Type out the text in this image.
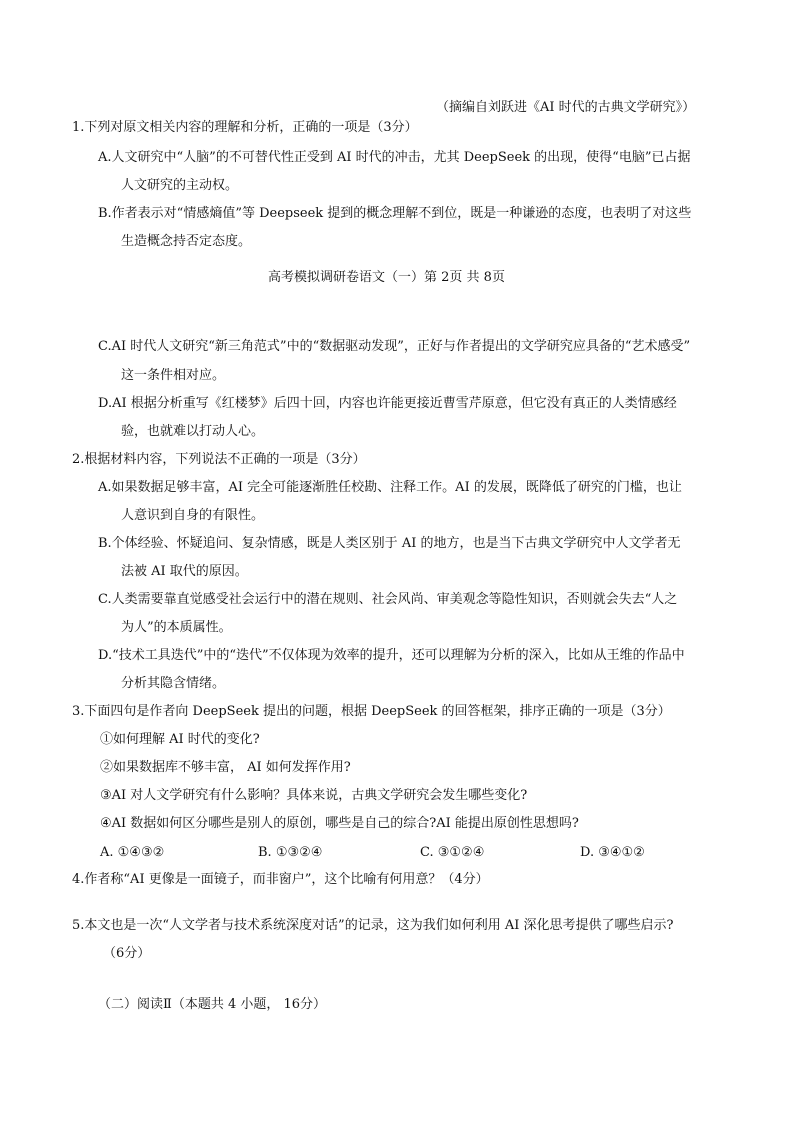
（摘编自刘跃进《AI 时代的古典文学研究》）
1.下列对原文相关内容的理解和分析，正确的一项是（3分）
A.人文研究中“人脑”的不可替代性正受到 AI 时代的冲击，尤其 DeepSeek 的出现，使得“电脑”已占据
人文研究的主动权。
B.作者表示对“情感熵值”等 Deepseek 提到的概念理解不到位，既是一种谦逊的态度，也表明了对这些
生造概念持否定态度。
高考模拟调研卷语文（一）第 2页 共 8页
C.AI 时代人文研究“新三角范式”中的“数据驱动发现”，正好与作者提出的文学研究应具备的“艺术感受”
这一条件相对应。
D.AI 根据分析重写《红楼梦》后四十回，内容也许能更接近曹雪芹原意，但它没有真正的人类情感经
验，也就难以打动人心。
2.根据材料内容，下列说法不正确的一项是（3分）
A.如果数据足够丰富，AI 完全可能逐渐胜任校勘、注释工作。AI 的发展，既降低了研究的门槛，也让
人意识到自身的有限性。
B.个体经验、怀疑追问、复杂情感，既是人类区别于 AI 的地方，也是当下古典文学研究中人文学者无
法被 AI 取代的原因。
C.人类需要靠直觉感受社会运行中的潜在规则、社会风尚、审美观念等隐性知识，否则就会失去“人之
为人”的本质属性。
D.“技术工具迭代”中的“迭代”不仅体现为效率的提升，还可以理解为分析的深入，比如从王维的作品中
分析其隐含情绪。
3.下面四句是作者向 DeepSeek 提出的问题，根据 DeepSeek 的回答框架，排序正确的一项是（3分）
①如何理解 AI 时代的变化?
②如果数据库不够丰富， AI 如何发挥作用?
③AI 对人文学研究有什么影响？具体来说，古典文学研究会发生哪些变化?
④AI 数据如何区分哪些是别人的原创，哪些是自己的综合?AI 能提出原创性思想吗?
A. ①④③②	B. ①③②④	C. ③①②④	D. ③④①②
4.作者称“AI 更像是一面镜子，而非窗户”，这个比喻有何用意？（4分）
5.本文也是一次“人文学者与技术系统深度对话”的记录，这为我们如何利用 AI 深化思考提供了哪些启示?
（6分）
（二）阅读Ⅱ（本题共 4 小题， 16分）
